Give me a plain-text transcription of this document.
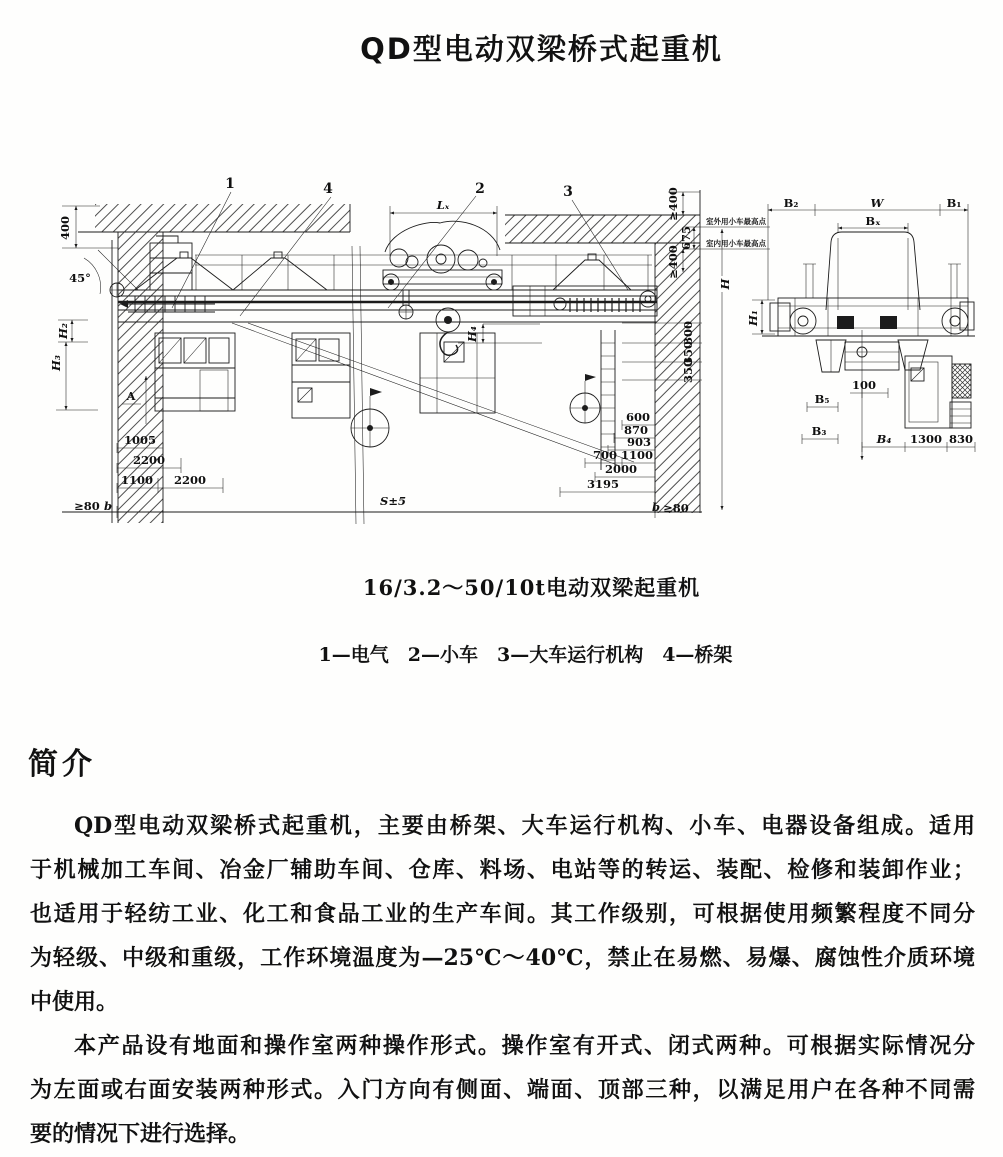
QD型电动双梁桥式起重机
1	4	2	3
Lₓ
H₄
A
≥400
室外用小车最高点
室内用小车最高点
675
≥400
H
300
350
350
600
870
903
700 1100
2000
3195
b ≥80
S±5
H₂
H₃
400
45°
1005
2200
1100 2200
≥80 b
B₂	W	B₁
Bₓ
H₁
100
B₅
B₃
B₄ 1300 830
16/3.2～50/10t电动双梁起重机
1—电气　2—小车　3—大车运行机构　4—桥架
简介
QD型电动双梁桥式起重机，主要由桥架、大车运行机构、小车、电器设备组成。适用
于机械加工车间、冶金厂辅助车间、仓库、料场、电站等的转运、装配、检修和装卸作业；
也适用于轻纺工业、化工和食品工业的生产车间。其工作级别，可根据使用频繁程度不同分
为轻级、中级和重级，工作环境温度为—25℃～40℃，禁止在易燃、易爆、腐蚀性介质环境
中使用。
本产品设有地面和操作室两种操作形式。操作室有开式、闭式两种。可根据实际情况分
为左面或右面安装两种形式。入门方向有侧面、端面、顶部三种，以满足用户在各种不同需
要的情况下进行选择。
